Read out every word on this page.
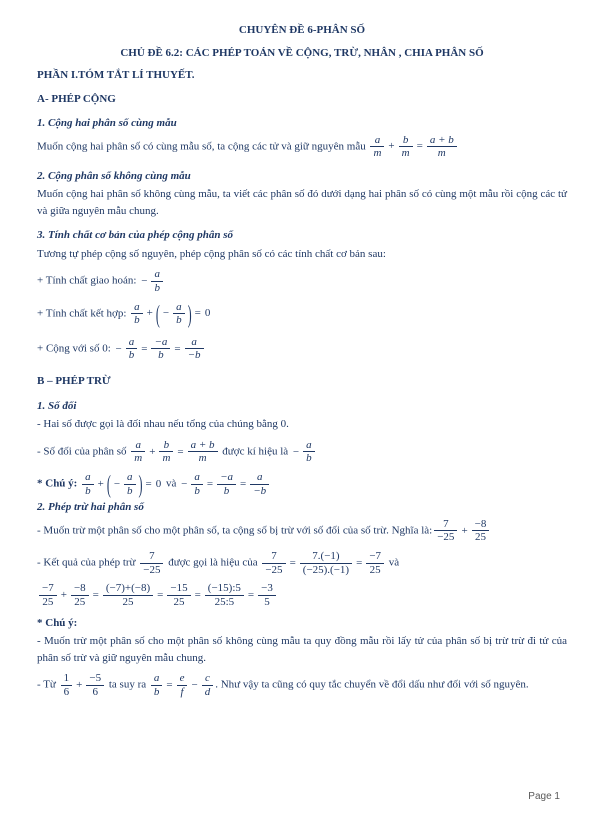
CHUYÊN ĐỀ 6-PHÂN SỐ

CHỦ ĐỀ 6.2: CÁC PHÉP TOÁN VỀ CỘNG, TRỪ, NHÂN , CHIA PHÂN SỐ

PHẦN I.TÓM TẮT LÍ THUYẾT.

A- PHÉP CỘNG

1. Cộng hai phân số cùng mẫu

Muốn cộng hai phân số có cùng mẫu số, ta cộng các tử và giữ nguyên mẫu $\frac{a}{m} + \frac{b}{m} = \frac{a + b}{m}$

2. Cộng phân số không cùng mẫu

Muốn cộng hai phân số không cùng mẫu, ta viết các phân số đó dưới dạng hai phân số có cùng một mẫu rồi cộng các tử và giữa nguyên mẫu chung.

3. Tính chất cơ bản của phép cộng phân số

Tương tự phép cộng số nguyên, phép cộng phân số có các tính chất cơ bản sau:

+ Tính chất giao hoán: − $\frac{a}{b}$

+ Tính chất kết hợp: $\frac{a}{b}$ + ( − $\frac{a}{b}$ ) = 0

+ Cộng với số 0: − $\frac{a}{b} = \frac{-a}{b} = \frac{a}{-b}$

B – PHÉP TRỪ

1. Số đối

- Hai số được gọi là đối nhau nếu tổng của chúng bằng 0.

- Số đối của phân số $\frac{a}{m} + \frac{b}{m} = \frac{a + b}{m}$ được kí hiệu là − $\frac{a}{b}$

* Chú ý: $\frac{a}{b}$ + ( − $\frac{a}{b}$ ) = 0 và − $\frac{a}{b} = \frac{-a}{b} = \frac{a}{-b}$

2. Phép trừ hai phân số

- Muốn trừ một phân số cho một phân số, ta cộng số bị trừ với số đối của số trừ. Nghĩa là: $\frac{7}{-25} + \frac{-8}{25}$

- Kết quả của phép trừ $\frac{7}{-25}$ được gọi là hiệu của $\frac{7}{-25} = \frac{7.(-1)}{(-25).(-1)} = \frac{-7}{25}$ và

$\frac{-7}{25} + \frac{-8}{25} = \frac{(-7)+(-8)}{25} = \frac{-15}{25} = \frac{(-15):5}{25:5} = \frac{-3}{5}$

* Chú ý:

- Muốn trừ một phân số cho một phân số không cùng mẫu ta quy đồng mẫu rồi lấy tử của phân số bị trừ trừ đi tử của phân số trừ và giữ nguyên mẫu chung.

- Từ $\frac{1}{6} + \frac{-5}{6}$ ta suy ra $\frac{a}{b} = \frac{e}{f} - \frac{c}{d}$ . Như vậy ta cũng có quy tắc chuyển về đổi dấu như đối với số nguyên.

Page 1
